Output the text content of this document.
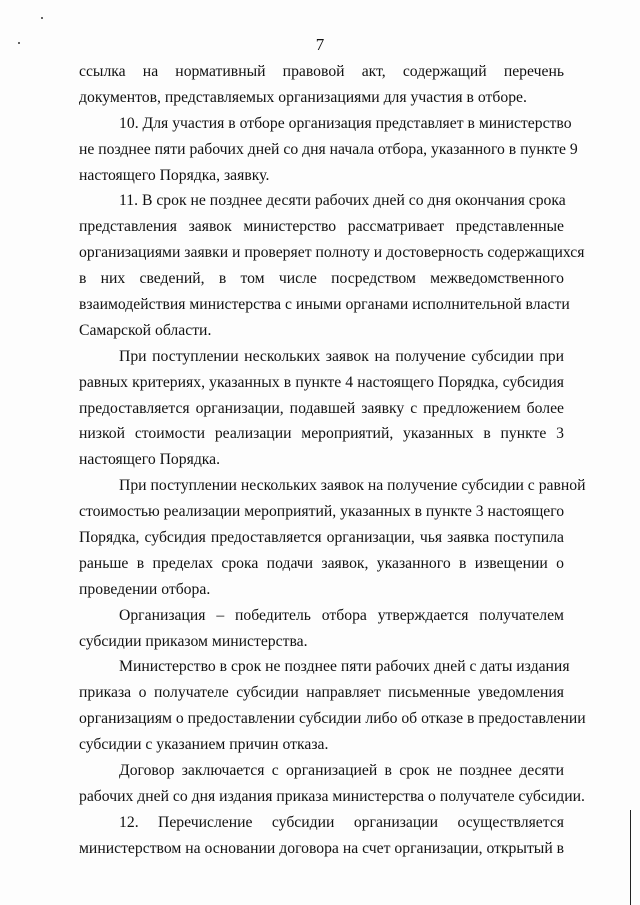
7
ссылка на нормативный правовой акт, содержащий перечень
документов, представляемых организациями для участия в отборе.
10. Для участия в отборе организация представляет в министерство
не позднее пяти рабочих дней со дня начала отбора, указанного в пункте 9
настоящего Порядка, заявку.
11. В срок не позднее десяти рабочих дней со дня окончания срока
представления заявок министерство рассматривает представленные
организациями заявки и проверяет полноту и достоверность содержащихся
в них сведений, в том числе посредством межведомственного
взаимодействия министерства с иными органами исполнительной власти
Самарской области.
При поступлении нескольких заявок на получение субсидии при
равных критериях, указанных в пункте 4 настоящего Порядка, субсидия
предоставляется организации, подавшей заявку с предложением более
низкой стоимости реализации мероприятий, указанных в пункте 3
настоящего Порядка.
При поступлении нескольких заявок на получение субсидии с равной
стоимостью реализации мероприятий, указанных в пункте 3 настоящего
Порядка, субсидия предоставляется организации, чья заявка поступила
раньше в пределах срока подачи заявок, указанного в извещении о
проведении отбора.
Организация – победитель отбора утверждается получателем
субсидии приказом министерства.
Министерство в срок не позднее пяти рабочих дней с даты издания
приказа о получателе субсидии направляет письменные уведомления
организациям о предоставлении субсидии либо об отказе в предоставлении
субсидии с указанием причин отказа.
Договор заключается с организацией в срок не позднее десяти
рабочих дней со дня издания приказа министерства о получателе субсидии.
12. Перечисление субсидии организации осуществляется
министерством на основании договора на счет организации, открытый в
